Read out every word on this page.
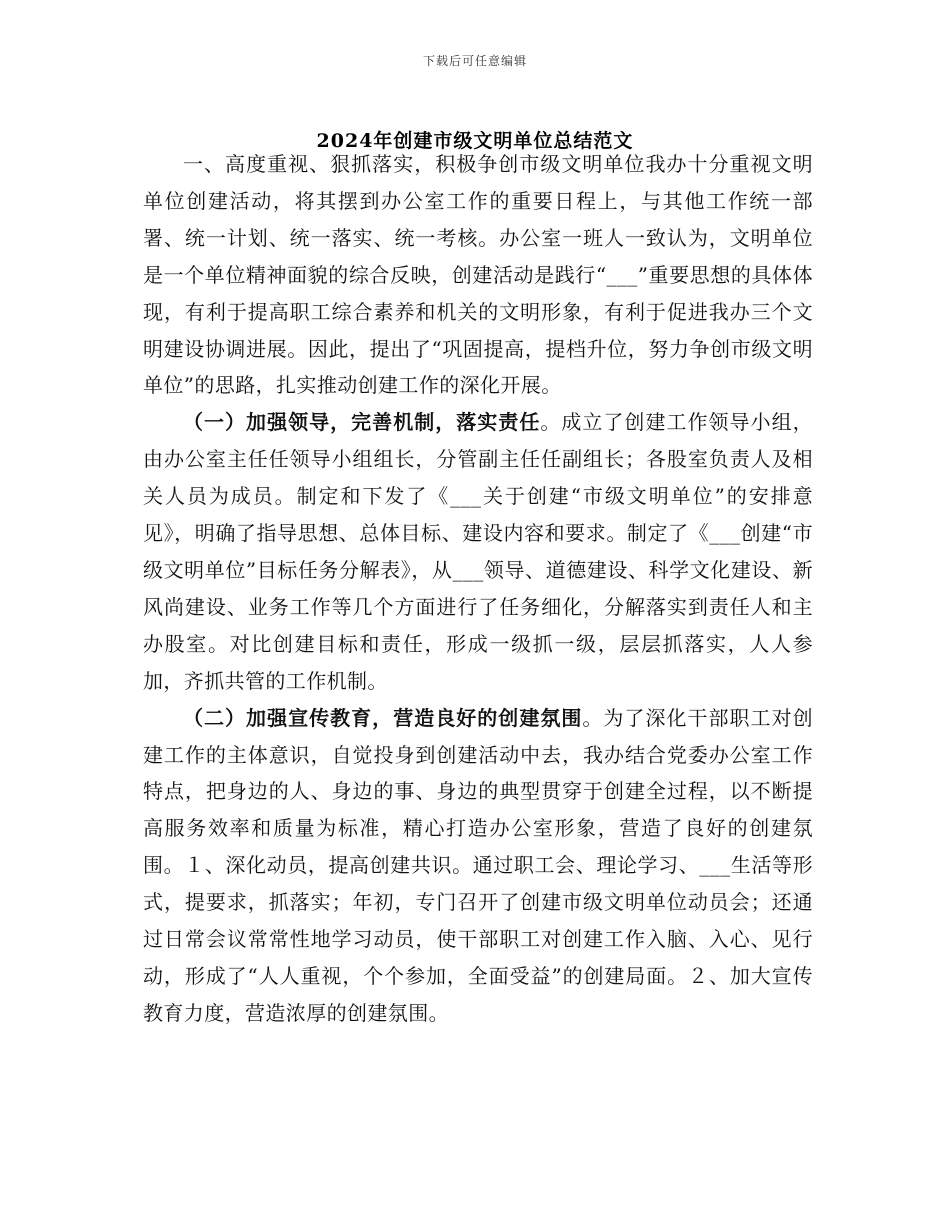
下载后可任意编辑
2024年创建市级文明单位总结范文

一、高度重视、狠抓落实，积极争创市级文明单位我办十分重视文明单位创建活动，将其摆到办公室工作的重要日程上，与其他工作统一部署、统一计划、统一落实、统一考核。办公室一班人一致认为，文明单位是一个单位精神面貌的综合反映，创建活动是践行“___”重要思想的具体体现，有利于提高职工综合素养和机关的文明形象，有利于促进我办三个文明建设协调进展。因此，提出了“巩固提高，提档升位，努力争创市级文明单位”的思路，扎实推动创建工作的深化开展。

（一）加强领导，完善机制，落实责任。成立了创建工作领导小组，由办公室主任任领导小组组长，分管副主任任副组长；各股室负责人及相关人员为成员。制定和下发了《___关于创建“市级文明单位”的安排意见》，明确了指导思想、总体目标、建设内容和要求。制定了《___创建“市级文明单位”目标任务分解表》，从___领导、道德建设、科学文化建设、新风尚建设、业务工作等几个方面进行了任务细化，分解落实到责任人和主办股室。对比创建目标和责任，形成一级抓一级，层层抓落实，人人参加，齐抓共管的工作机制。

（二）加强宣传教育，营造良好的创建氛围。为了深化干部职工对创建工作的主体意识，自觉投身到创建活动中去，我办结合党委办公室工作特点，把身边的人、身边的事、身边的典型贯穿于创建全过程，以不断提高服务效率和质量为标准，精心打造办公室形象，营造了良好的创建氛围。１、深化动员，提高创建共识。通过职工会、理论学习、___生活等形式，提要求，抓落实；年初，专门召开了创建市级文明单位动员会；还通过日常会议常常性地学习动员，使干部职工对创建工作入脑、入心、见行动，形成了“人人重视，个个参加，全面受益”的创建局面。２、加大宣传教育力度，营造浓厚的创建氛围。
